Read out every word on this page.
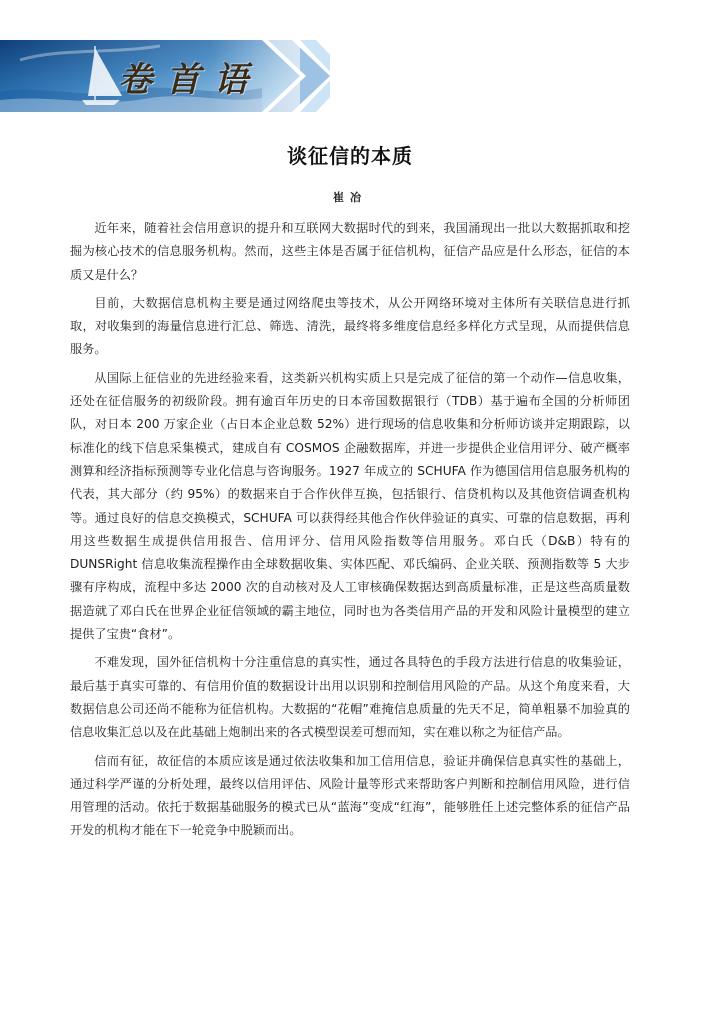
卷首语
谈征信的本质
崔冶

近年来，随着社会信用意识的提升和互联网大数据时代的到来，我国涌现出一批以大数据抓取和挖掘为核心技术的信息服务机构。然而，这些主体是否属于征信机构，征信产品应是什么形态，征信的本质又是什么？

目前，大数据信息机构主要是通过网络爬虫等技术，从公开网络环境对主体所有关联信息进行抓取，对收集到的海量信息进行汇总、筛选、清洗，最终将多维度信息经多样化方式呈现，从而提供信息服务。

从国际上征信业的先进经验来看，这类新兴机构实质上只是完成了征信的第一个动作—信息收集，还处在征信服务的初级阶段。拥有逾百年历史的日本帝国数据银行（TDB）基于遍布全国的分析师团队，对日本 200 万家企业（占日本企业总数 52%）进行现场的信息收集和分析师访谈并定期跟踪，以标准化的线下信息采集模式，建成自有 COSMOS 企融数据库，并进一步提供企业信用评分、破产概率测算和经济指标预测等专业化信息与咨询服务。1927 年成立的 SCHUFA 作为德国信用信息服务机构的代表，其大部分（约 95%）的数据来自于合作伙伴互换，包括银行、信贷机构以及其他资信调查机构等。通过良好的信息交换模式，SCHUFA 可以获得经其他合作伙伴验证的真实、可靠的信息数据，再利用这些数据生成提供信用报告、信用评分、信用风险指数等信用服务。邓白氏（D&B）特有的 DUNSRight 信息收集流程操作由全球数据收集、实体匹配、邓氏编码、企业关联、预测指数等 5 大步骤有序构成，流程中多达 2000 次的自动核对及人工审核确保数据达到高质量标准，正是这些高质量数据造就了邓白氏在世界企业征信领域的霸主地位，同时也为各类信用产品的开发和风险计量模型的建立提供了宝贵“食材”。

不难发现，国外征信机构十分注重信息的真实性，通过各具特色的手段方法进行信息的收集验证，最后基于真实可靠的、有信用价值的数据设计出用以识别和控制信用风险的产品。从这个角度来看，大数据信息公司还尚不能称为征信机构。大数据的“花帽”难掩信息质量的先天不足，简单粗暴不加验真的信息收集汇总以及在此基础上炮制出来的各式模型误差可想而知，实在难以称之为征信产品。

信而有征，故征信的本质应该是通过依法收集和加工信用信息，验证并确保信息真实性的基础上，通过科学严谨的分析处理，最终以信用评估、风险计量等形式来帮助客户判断和控制信用风险，进行信用管理的活动。依托于数据基础服务的模式已从“蓝海”变成“红海”，能够胜任上述完整体系的征信产品开发的机构才能在下一轮竞争中脱颖而出。
